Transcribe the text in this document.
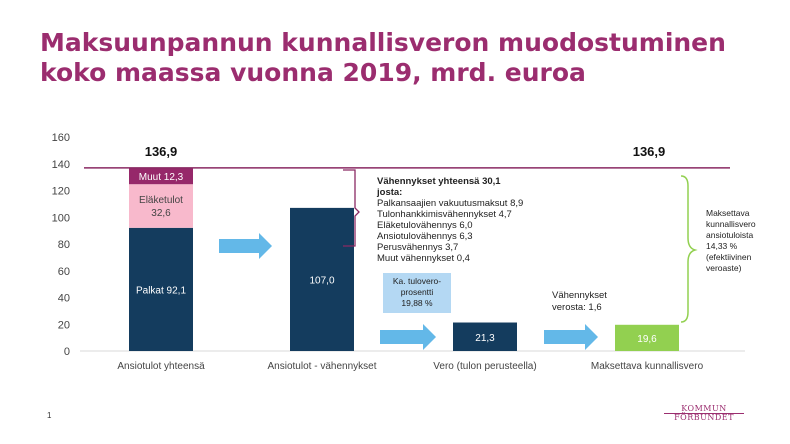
Maksuunpannun kunnallisveron muodostuminen
koko maassa vuonna 2019, mrd. euroa
0
20
40
60
80
100
120
140
160
Ansiotulot yhteensä	Ansiotulot - vähennykset	Vero (tulon perusteella)	Maksettava kunnallisvero
Palkat 92,1
Eläketulot
32,6
Muut 12,3
136,9	136,9
107,0
21,3	19,6
Ka. tulovero-
prosentti
19,88 %
Vähennykset yhteensä 30,1
josta:
Palkansaajien vakuutusmaksut 8,9
Tulonhankkimisvähennykset 4,7
Eläketulovähennys 6,0
Ansiotulovähennys 6,3
Perusvähennys 3,7
Muut vähennykset 0,4
Vähennykset
verosta: 1,6
Maksettava
kunnallisvero
ansiotuloista
14,33 %
(efektiivinen
veroaste)
1
KOMMUN
FÖRBUNDET
